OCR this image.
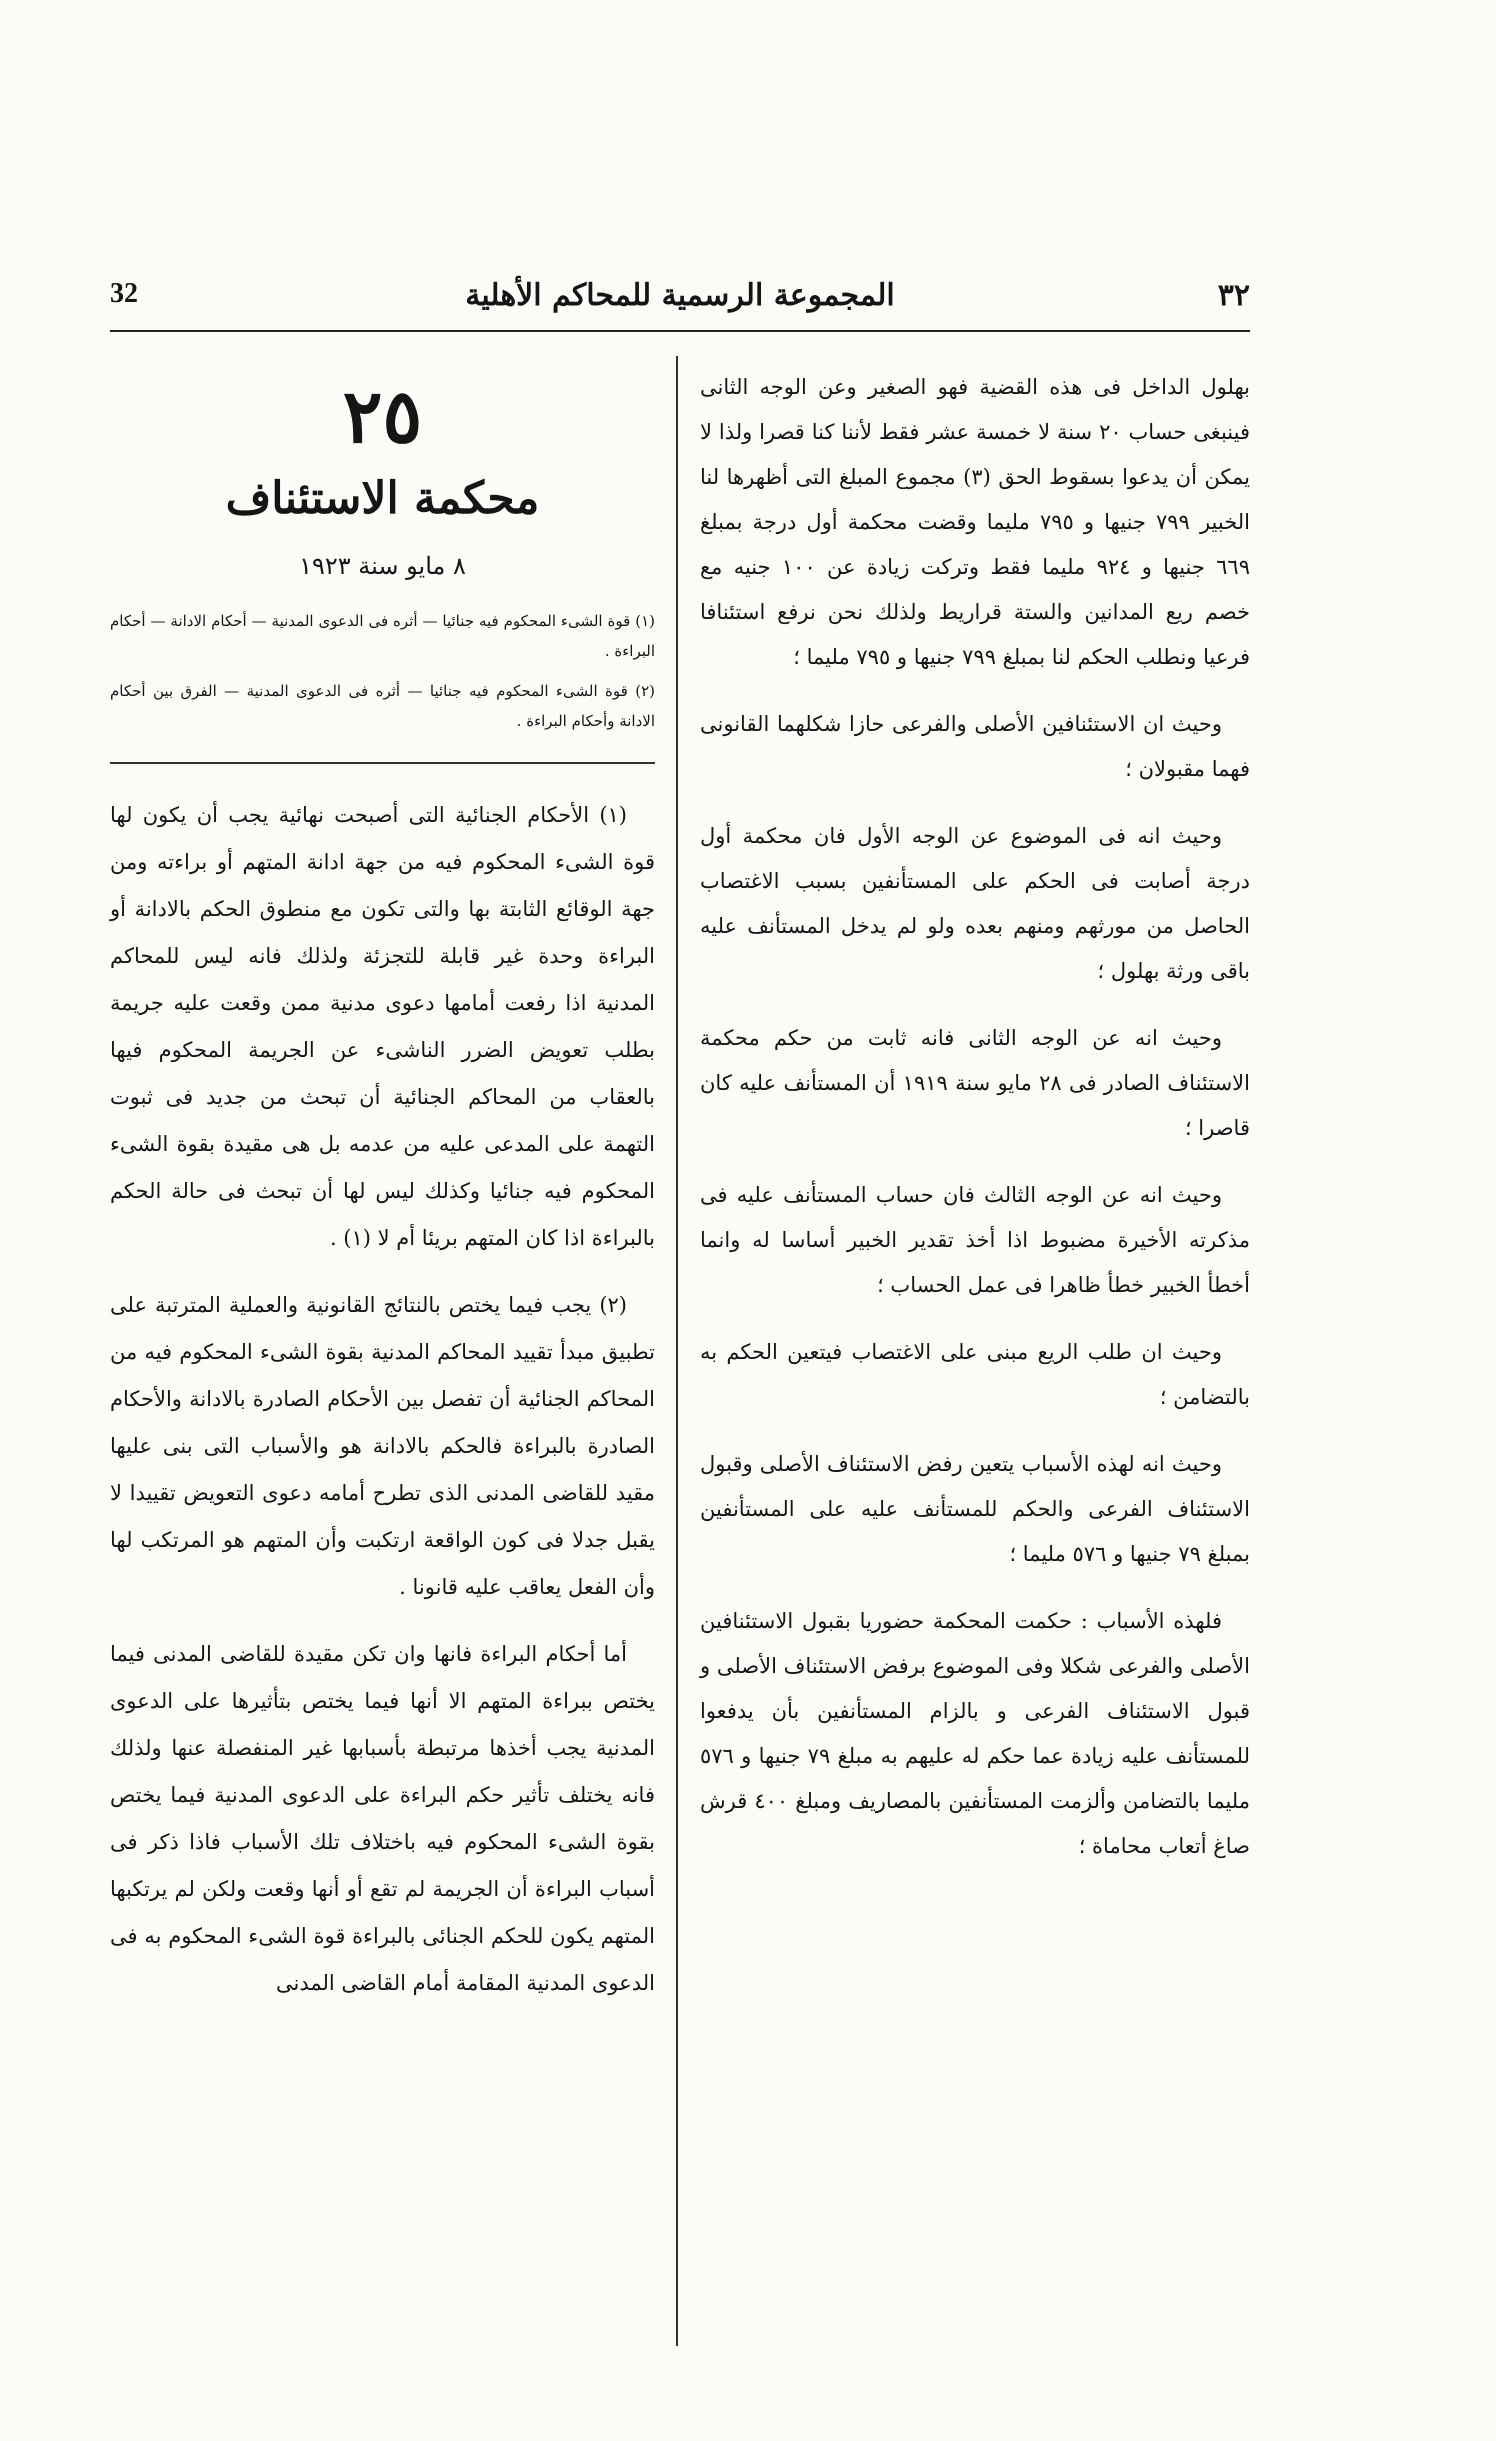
32	المجموعة الرسمية للمحاكم الأهلية	٣٢

بهلول الداخل فى هذه القضية فهو الصغير وعن الوجه الثانى فينبغى حساب ٢٠ سنة لا خمسة عشر فقط لأننا كنا قصرا ولذا لا يمكن أن يدعوا بسقوط الحق (٣) مجموع المبلغ التى أظهرها لنا الخبير ٧٩٩ جنيها و ٧٩٥ مليما وقضت محكمة أول درجة بمبلغ ٦٦٩ جنيها و ٩٢٤ مليما فقط وتركت زيادة عن ١٠٠ جنيه مع خصم ريع المدانين والستة قراريط ولذلك نحن نرفع استئنافا فرعيا ونطلب الحكم لنا بمبلغ ٧٩٩ جنيها و ٧٩٥ مليما ؛

وحيث ان الاستئنافين الأصلى والفرعى حازا شكلهما القانونى فهما مقبولان ؛

وحيث انه فى الموضوع عن الوجه الأول فان محكمة أول درجة أصابت فى الحكم على المستأنفين بسبب الاغتصاب الحاصل من مورثهم ومنهم بعده ولو لم يدخل المستأنف عليه باقى ورثة بهلول ؛

وحيث انه عن الوجه الثانى فانه ثابت من حكم محكمة الاستئناف الصادر فى ٢٨ مايو سنة ١٩١٩ أن المستأنف عليه كان قاصرا ؛

وحيث انه عن الوجه الثالث فان حساب المستأنف عليه فى مذكرته الأخيرة مضبوط اذا أخذ تقدير الخبير أساسا له وانما أخطأ الخبير خطأ ظاهرا فى عمل الحساب ؛

وحيث ان طلب الريع مبنى على الاغتصاب فيتعين الحكم به بالتضامن ؛

وحيث انه لهذه الأسباب يتعين رفض الاستئناف الأصلى وقبول الاستئناف الفرعى والحكم للمستأنف عليه على المستأنفين بمبلغ ٧٩ جنيها و ٥٧٦ مليما ؛

فلهذه الأسباب : حكمت المحكمة حضوريا بقبول الاستئنافين الأصلى والفرعى شكلا وفى الموضوع برفض الاستئناف الأصلى و قبول الاستئناف الفرعى و بالزام المستأنفين بأن يدفعوا للمستأنف عليه زيادة عما حكم له عليهم به مبلغ ٧٩ جنيها و ٥٧٦ مليما بالتضامن وألزمت المستأنفين بالمصاريف ومبلغ ٤٠٠ قرش صاغ أتعاب محاماة ؛

٢٥
محكمة الاستئناف
٨ مايو سنة ١٩٢٣

(١) قوة الشىء المحكوم فيه جنائيا — أثره فى الدعوى المدنية — أحكام الادانة — أحكام البراءة .

(٢) قوة الشىء المحكوم فيه جنائيا — أثره فى الدعوى المدنية — الفرق بين أحكام الادانة وأحكام البراءة .

(١) الأحكام الجنائية التى أصبحت نهائية يجب أن يكون لها قوة الشىء المحكوم فيه من جهة ادانة المتهم أو براءته ومن جهة الوقائع الثابتة بها والتى تكون مع منطوق الحكم بالادانة أو البراءة وحدة غير قابلة للتجزئة ولذلك فانه ليس للمحاكم المدنية اذا رفعت أمامها دعوى مدنية ممن وقعت عليه جريمة بطلب تعويض الضرر الناشىء عن الجريمة المحكوم فيها بالعقاب من المحاكم الجنائية أن تبحث من جديد فى ثبوت التهمة على المدعى عليه من عدمه بل هى مقيدة بقوة الشىء المحكوم فيه جنائيا وكذلك ليس لها أن تبحث فى حالة الحكم بالبراءة اذا كان المتهم بريئا أم لا (١) .

(٢) يجب فيما يختص بالنتائج القانونية والعملية المترتبة على تطبيق مبدأ تقييد المحاكم المدنية بقوة الشىء المحكوم فيه من المحاكم الجنائية أن تفصل بين الأحكام الصادرة بالادانة والأحكام الصادرة بالبراءة فالحكم بالادانة هو والأسباب التى بنى عليها مقيد للقاضى المدنى الذى تطرح أمامه دعوى التعويض تقييدا لا يقبل جدلا فى كون الواقعة ارتكبت وأن المتهم هو المرتكب لها وأن الفعل يعاقب عليه قانونا .

أما أحكام البراءة فانها وان تكن مقيدة للقاضى المدنى فيما يختص ببراءة المتهم الا أنها فيما يختص بتأثيرها على الدعوى المدنية يجب أخذها مرتبطة بأسبابها غير المنفصلة عنها ولذلك فانه يختلف تأثير حكم البراءة على الدعوى المدنية فيما يختص بقوة الشىء المحكوم فيه باختلاف تلك الأسباب فاذا ذكر فى أسباب البراءة أن الجريمة لم تقع أو أنها وقعت ولكن لم يرتكبها المتهم يكون للحكم الجنائى بالبراءة قوة الشىء المحكوم به فى الدعوى المدنية المقامة أمام القاضى المدنى
